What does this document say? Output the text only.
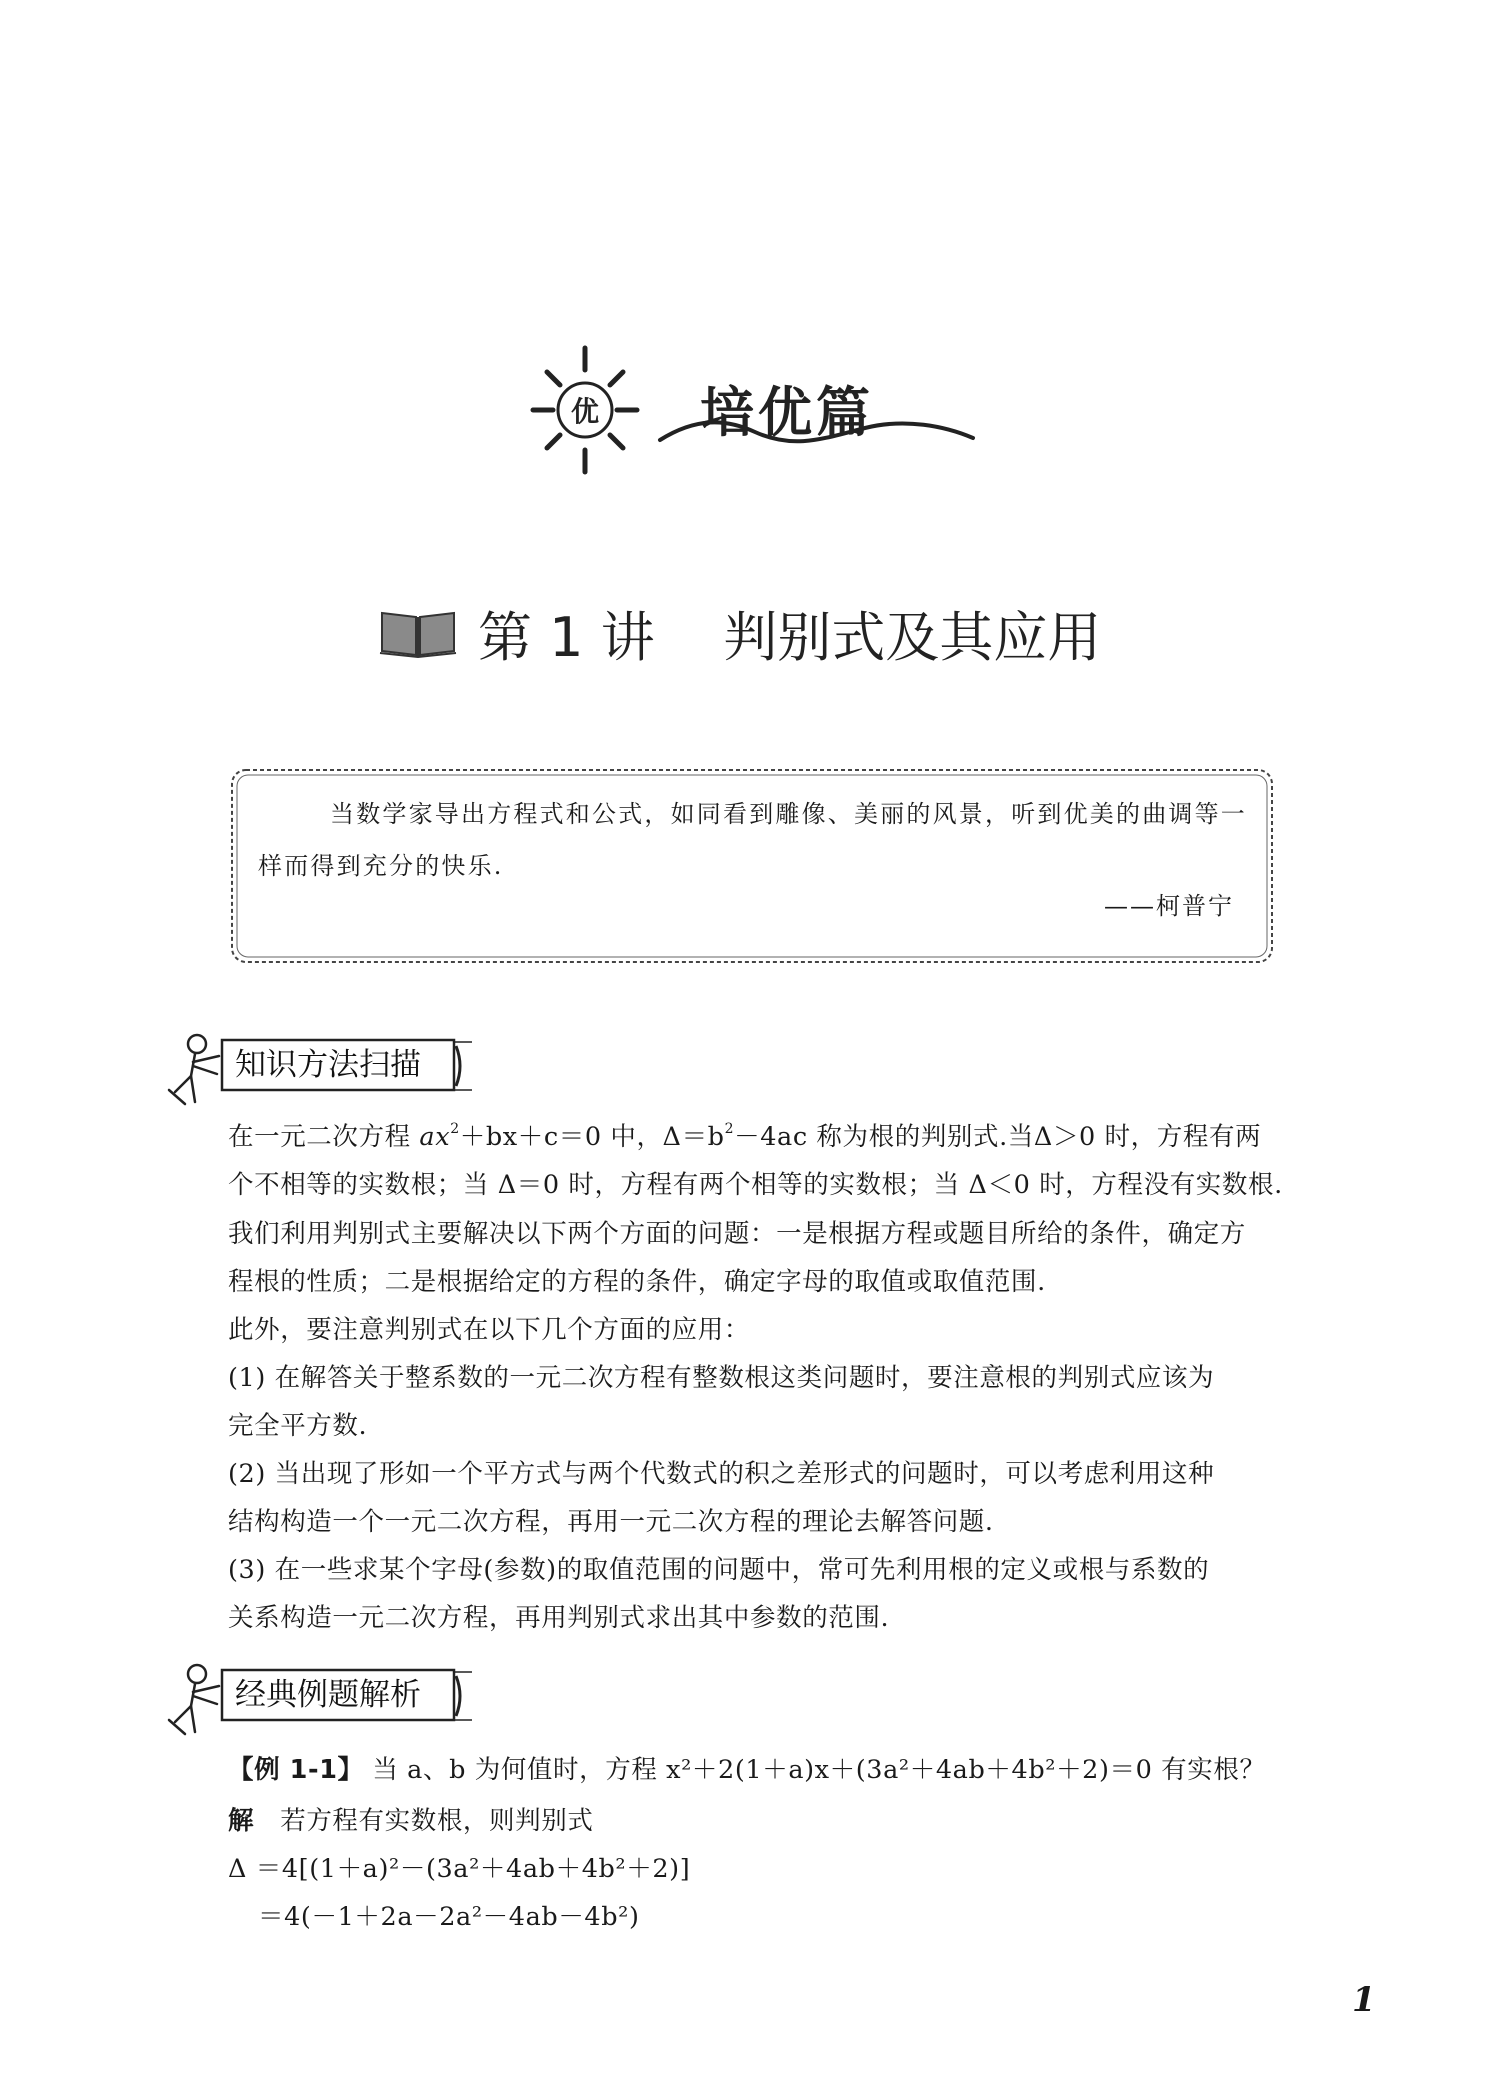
优 培优篇
第 1 讲 判别式及其应用
当数学家导出方程式和公式，如同看到雕像、美丽的风景，听到优美的曲调等一样而得到充分的快乐.
——柯普宁
知识方法扫描

在一元二次方程 $ax^2+bx+c=0$ 中，$\Delta=b^2-4ac$ 称为根的判别式.当Δ＞0 时，方程有两

个不相等的实数根；当 Δ＝0 时，方程有两个相等的实数根；当 Δ＜0 时，方程没有实数根.

我们利用判别式主要解决以下两个方面的问题：一是根据方程或题目所给的条件，确定方

程根的性质；二是根据给定的方程的条件，确定字母的取值或取值范围.

此外，要注意判别式在以下几个方面的应用：

(1) 在解答关于整系数的一元二次方程有整数根这类问题时，要注意根的判别式应该为

完全平方数.

(2) 当出现了形如一个平方式与两个代数式的积之差形式的问题时，可以考虑利用这种

结构构造一个一元二次方程，再用一元二次方程的理论去解答问题.

(3) 在一些求某个字母(参数)的取值范围的问题中，常可先利用根的定义或根与系数的

关系构造一元二次方程，再用判别式求出其中参数的范围.

经典例题解析

【例 1-1】 当 a、b 为何值时，方程 x²＋2(1＋a)x＋(3a²＋4ab＋4b²＋2)＝0 有实根？

解　 若方程有实数根，则判别式

Δ ＝4[(1＋a)²－(3a²＋4ab＋4b²＋2)]

＝4(－1＋2a－2a²－4ab－4b²)

1
